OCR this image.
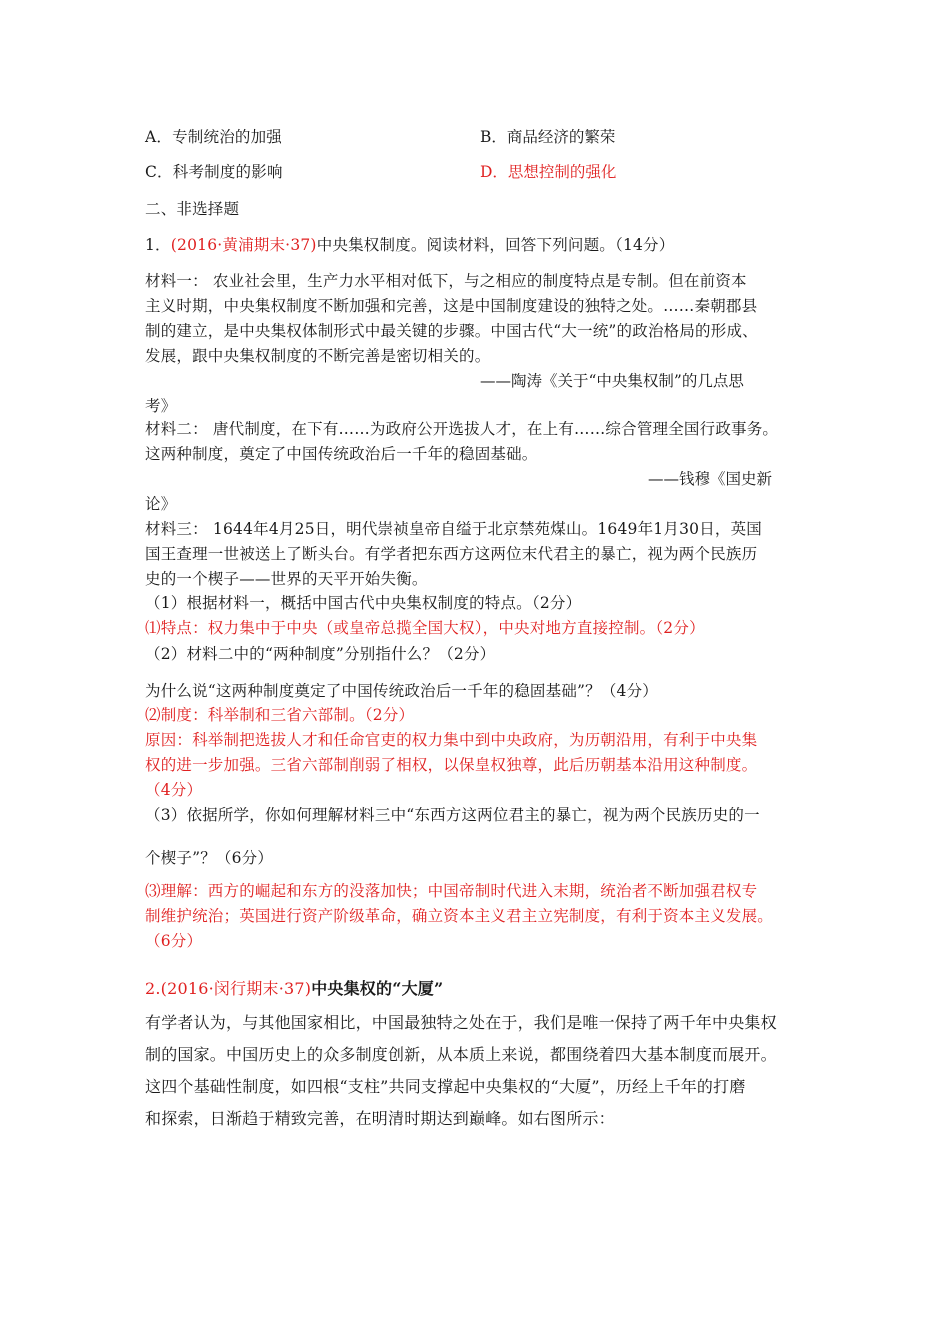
A．专制统治的加强	B．商品经济的繁荣
C．科考制度的影响	D．思想控制的强化
二、非选择题
1．(2016·黄浦期末·37)中央集权制度。阅读材料，回答下列问题。（14分）
材料一： 农业社会里，生产力水平相对低下，与之相应的制度特点是专制。但在前资本
主义时期，中央集权制度不断加强和完善，这是中国制度建设的独特之处。……秦朝郡县
制的建立，是中央集权体制形式中最关键的步骤。中国古代“大一统”的政治格局的形成、
发展，跟中央集权制度的不断完善是密切相关的。
——陶涛《关于“中央集权制”的几点思
考》
材料二： 唐代制度，在下有……为政府公开选拔人才，在上有……综合管理全国行政事务。
这两种制度，奠定了中国传统政治后一千年的稳固基础。
——钱穆《国史新
论》
材料三： 1644年4月25日，明代崇祯皇帝自缢于北京禁苑煤山。1649年1月30日，英国
国王查理一世被送上了断头台。有学者把东西方这两位末代君主的暴亡，视为两个民族历
史的一个楔子——世界的天平开始失衡。
（1）根据材料一，概括中国古代中央集权制度的特点。（2分）
⑴特点：权力集中于中央（或皇帝总揽全国大权），中央对地方直接控制。（2分）
（2）材料二中的“两种制度”分别指什么？（2分）
为什么说“这两种制度奠定了中国传统政治后一千年的稳固基础”？（4分）
⑵制度：科举制和三省六部制。（2分）
原因：科举制把选拔人才和任命官吏的权力集中到中央政府，为历朝沿用，有利于中央集
权的进一步加强。三省六部制削弱了相权，以保皇权独尊，此后历朝基本沿用这种制度。
（4分）
（3）依据所学，你如何理解材料三中“东西方这两位君主的暴亡，视为两个民族历史的一
个楔子”？（6分）
⑶理解：西方的崛起和东方的没落加快；中国帝制时代进入末期，统治者不断加强君权专
制维护统治；英国进行资产阶级革命，确立资本主义君主立宪制度，有利于资本主义发展。
（6分）
2.(2016·闵行期末·37)中央集权的“大厦”
有学者认为，与其他国家相比，中国最独特之处在于，我们是唯一保持了两千年中央集权
制的国家。中国历史上的众多制度创新，从本质上来说，都围绕着四大基本制度而展开。
这四个基础性制度，如四根“支柱”共同支撑起中央集权的“大厦”，历经上千年的打磨
和探索，日渐趋于精致完善，在明清时期达到巅峰。如右图所示：
